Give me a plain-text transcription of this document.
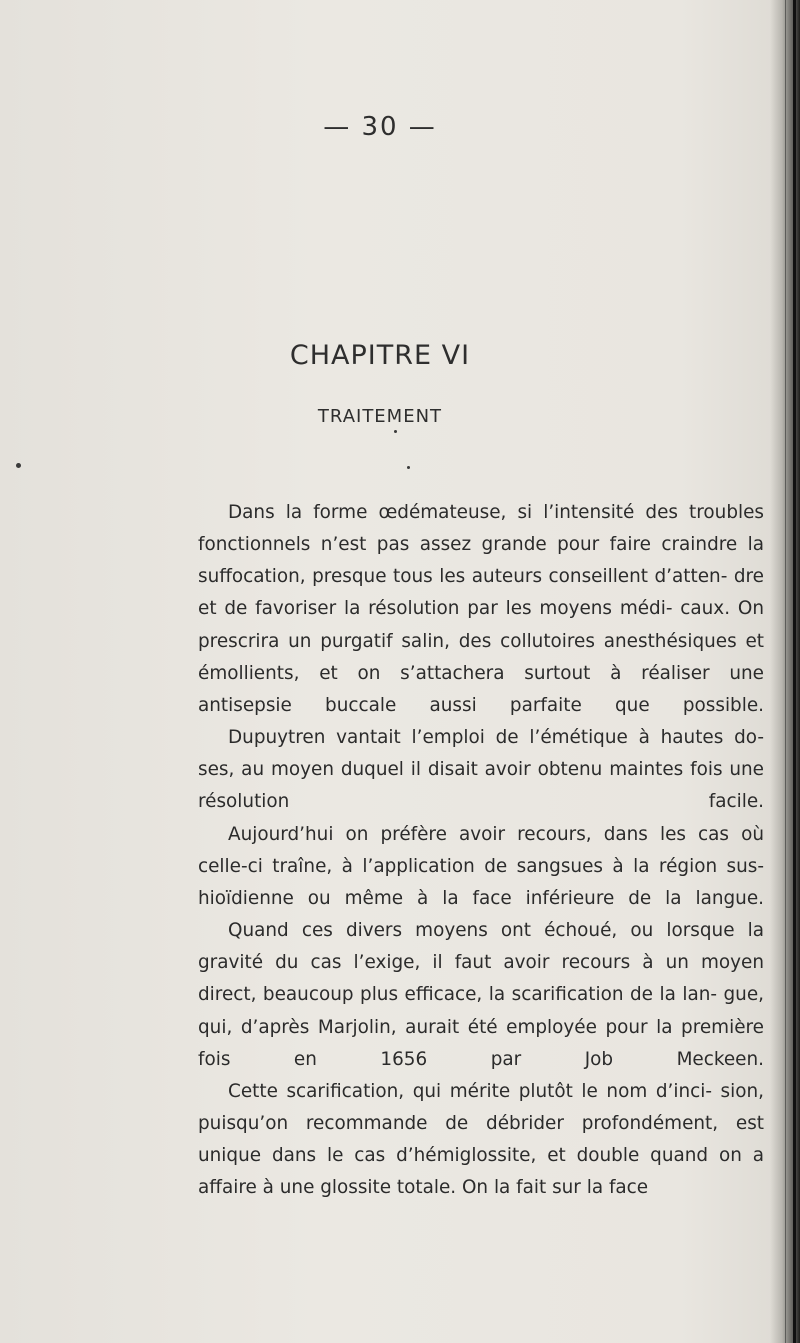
— 30 —
CHAPITRE VI
TRAITEMENT

Dans la forme œdémateuse, si l’intensité des troubles fonctionnels n’est pas assez grande pour faire craindre la suffocation, presque tous les auteurs conseillent d’atten- dre et de favoriser la résolution par les moyens médi- caux. On prescrira un purgatif salin, des collutoires anesthésiques et émollients, et on s’attachera surtout à réaliser une antisepsie buccale aussi parfaite que possible.

Dupuytren vantait l’emploi de l’émétique à hautes do- ses, au moyen duquel il disait avoir obtenu maintes fois une résolution facile.

Aujourd’hui on préfère avoir recours, dans les cas où celle-ci traîne, à l’application de sangsues à la région sus-hioïdienne ou même à la face inférieure de la langue.

Quand ces divers moyens ont échoué, ou lorsque la gravité du cas l’exige, il faut avoir recours à un moyen direct, beaucoup plus efficace, la scarification de la lan- gue, qui, d’après Marjolin, aurait été employée pour la première fois en 1656 par Job Meckeen.

Cette scarification, qui mérite plutôt le nom d’inci- sion, puisqu’on recommande de débrider profondément, est unique dans le cas d’hémiglossite, et double quand on a affaire à une glossite totale. On la fait sur la face
